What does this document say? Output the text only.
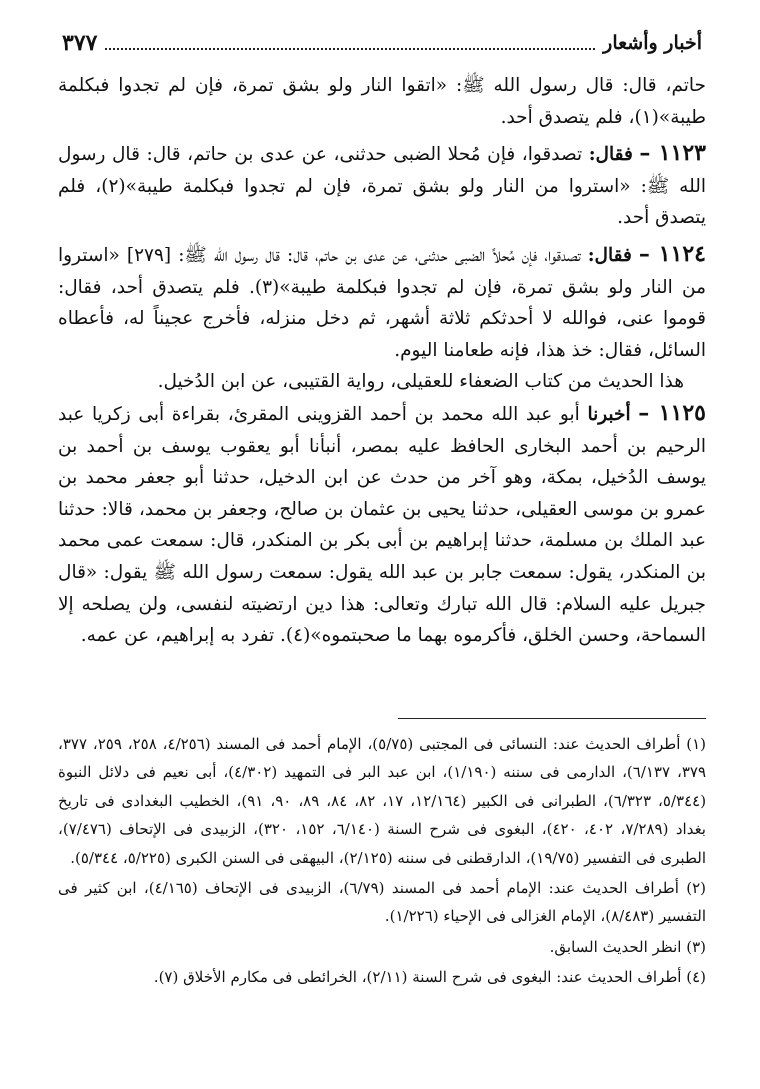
أخبار وأشعار
٣٧٧

حاتم، قال: قال رسول الله ﷺ: «اتقوا النار ولو بشق تمرة، فإن لم تجدوا فبكلمة طيبة»(١)، فلم يتصدق أحد.

١١٢٣ – فقال: تصدقوا، فإن مُحلا الضبى حدثنى، عن عدى بن حاتم، قال: قال رسول الله ﷺ: «استروا من النار ولو بشق تمرة، فإن لم تجدوا فبكلمة طيبة»(٢)، فلم يتصدق أحد.

١١٢٤ – فقال: تصدقوا، فإن مُحلاً الضبى حدثنى، عن عدى بن حاتم، قال: قال رسول الله ﷺ: [٢٧٩] «استروا من النار ولو بشق تمرة، فإن لم تجدوا فبكلمة طيبة»(٣). فلم يتصدق أحد، فقال: قوموا عنى، فوالله لا أحدثكم ثلاثة أشهر، ثم دخل منزله، فأخرج عجيناً له، فأعطاه السائل، فقال: خذ هذا، فإنه طعامنا اليوم.

هذا الحديث من كتاب الضعفاء للعقيلى، رواية القتيبى، عن ابن الدُخيل.

١١٢٥ – أخبرنا أبو عبد الله محمد بن أحمد القزوينى المقرئ، بقراءة أبى زكريا عبد الرحيم بن أحمد البخارى الحافظ عليه بمصر، أنبأنا أبو يعقوب يوسف بن أحمد بن يوسف الدُخيل، بمكة، وهو آخر من حدث عن ابن الدخيل، حدثنا أبو جعفر محمد بن عمرو بن موسى العقيلى، حدثنا يحيى بن عثمان بن صالح، وجعفر بن محمد، قالا: حدثنا عبد الملك بن مسلمة، حدثنا إبراهيم بن أبى بكر بن المنكدر، قال: سمعت عمى محمد بن المنكدر، يقول: سمعت جابر بن عبد الله يقول: سمعت رسول الله ﷺ يقول: «قال جبريل عليه السلام: قال الله تبارك وتعالى: هذا دين ارتضيته لنفسى، ولن يصلحه إلا السماحة، وحسن الخلق، فأكرموه بهما ما صحبتموه»(٤). تفرد به إبراهيم، عن عمه.

(١) أطراف الحديث عند: النسائى فى المجتبى (٥/٧٥)، الإمام أحمد فى المسند (٤/٢٥٦، ٢٥٨، ٢٥٩، ٣٧٧، ٣٧٩، ٦/١٣٧)، الدارمى فى سننه (١/١٩٠)، ابن عبد البر فى التمهيد (٤/٣٠٢)، أبى نعيم فى دلائل النبوة (٥/٣٤٤، ٦/٣٢٣)، الطبرانى فى الكبير (١٢/١٦٤، ١٧، ٨٢، ٨٤، ٨٩، ٩٠، ٩١)، الخطيب البغدادى فى تاريخ بغداد (٧/٢٨٩، ٤٠٢، ٤٢٠)، البغوى فى شرح السنة (٦/١٤٠، ١٥٢، ٣٢٠)، الزبيدى فى الإتحاف (٧/٤٧٦)، الطبرى فى التفسير (١٩/٧٥)، الدارقطنى فى سننه (٢/١٢٥)، البيهقى فى السنن الكبرى (٥/٢٢٥، ٥/٣٤٤).

(٢) أطراف الحديث عند: الإمام أحمد فى المسند (٦/٧٩)، الزبيدى فى الإتحاف (٤/١٦٥)، ابن كثير فى التفسير (٨/٤٨٣)، الإمام الغزالى فى الإحياء (١/٢٢٦).

(٣) انظر الحديث السابق.

(٤) أطراف الحديث عند: البغوى فى شرح السنة (٢/١١)، الخرائطى فى مكارم الأخلاق (٧).
